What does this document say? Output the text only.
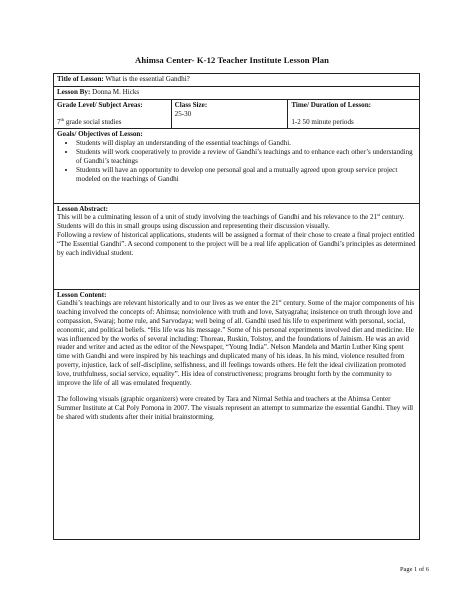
Ahimsa Center- K-12 Teacher Institute Lesson Plan
Title of Lesson: What is the essential Gandhi?
Lesson By: Donna M. Hicks

Grade Level/ Subject Areas:
7th grade social studies

Class Size:
25-30

Time/ Duration of Lesson:
1-2 50 minute periods

Goals/ Objectives of Lesson:
• Students will display an understanding of the essential teachings of Gandhi.
• Students will work cooperatively to provide a review of Gandhi’s teachings and to enhance each other’s understanding of Gandhi’s teachings
• Students will have an opportunity to develop one personal goal and a mutually agreed upon group service project modeled on the teachings of Gandhi

Lesson Abstract:

This will be a culminating lesson of a unit of study involving the teachings of Gandhi and his relevance to the 21st century. Students will do this in small groups using discussion and representing their discussion visually.

Following a review of historical applications, students will be assigned a format of their chose to create a final project entitled “The Essential Gandhi”. A second component to the project will be a real life application of Gandhi’s principles as determined by each individual student.

Lesson Content:

Gandhi’s teachings are relevant historically and to our lives as we enter the 21st century. Some of the major components of his teaching involved the concepts of: Ahimsa; nonviolence with truth and love, Satyagraha; insistence on truth through love and compassion, Swaraj; home rule, and Sarvodaya; well being of all. Gandhi used his life to experiment with personal, social, economic, and political beliefs. “His life was his message.” Some of his personal experiments involved diet and medicine. He was influenced by the works of several including: Thoreau, Ruskin, Tolstoy, and the foundations of Jainism. He was an avid reader and writer and acted as the editor of the Newspaper, “Young India”. Nelson Mandela and Martin Luther King spent time with Gandhi and were inspired by his teachings and duplicated many of his ideas. In his mind, violence resulted from poverty, injustice, lack of self-discipline, selfishness, and ill feelings towards others. He felt the ideal civilization promoted love, truthfulness, social service, equality”. His idea of constructiveness; programs brought forth by the community to improve the life of all was emulated frequently.

The following visuals (graphic organizers) were created by Tara and Nirmal Sethia and teachers at the Ahimsa Center Summer Institute at Cal Poly Pomona in 2007. The visuals represent an attempt to summarize the essential Gandhi. They will be shared with students after their initial brainstorming.

Page 1 of 6
